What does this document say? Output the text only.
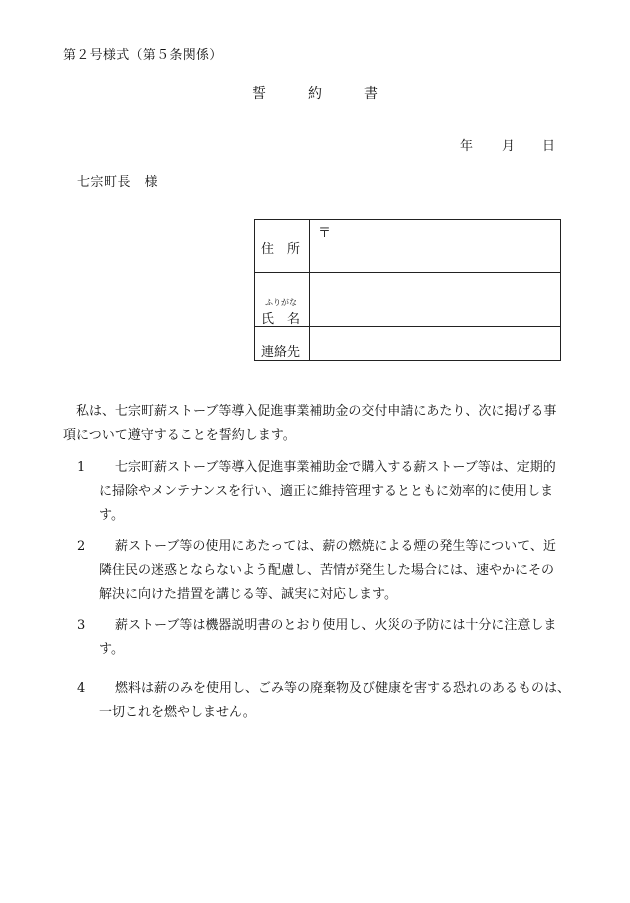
第２号様式（第５条関係）
誓　約　書
年 月 日
七宗町長　様
住　所	〒

ふりがな
氏　名	

連絡先	

　私は、七宗町薪ストーブ等導入促進事業補助金の交付申請にあたり、次に掲げる事
項について遵守することを誓約します。
1	七宗町薪ストーブ等導入促進事業補助金で購入する薪ストーブ等は、定期的
に掃除やメンテナンスを行い、適正に維持管理するとともに効率的に使用しま
す。
2	薪ストーブ等の使用にあたっては、薪の燃焼による煙の発生等について、近
隣住民の迷惑とならないよう配慮し、苦情が発生した場合には、速やかにその
解決に向けた措置を講じる等、誠実に対応します。
3	薪ストーブ等は機器説明書のとおり使用し、火災の予防には十分に注意しま
す。
4	燃料は薪のみを使用し、ごみ等の廃棄物及び健康を害する恐れのあるものは、
一切これを燃やしません。
